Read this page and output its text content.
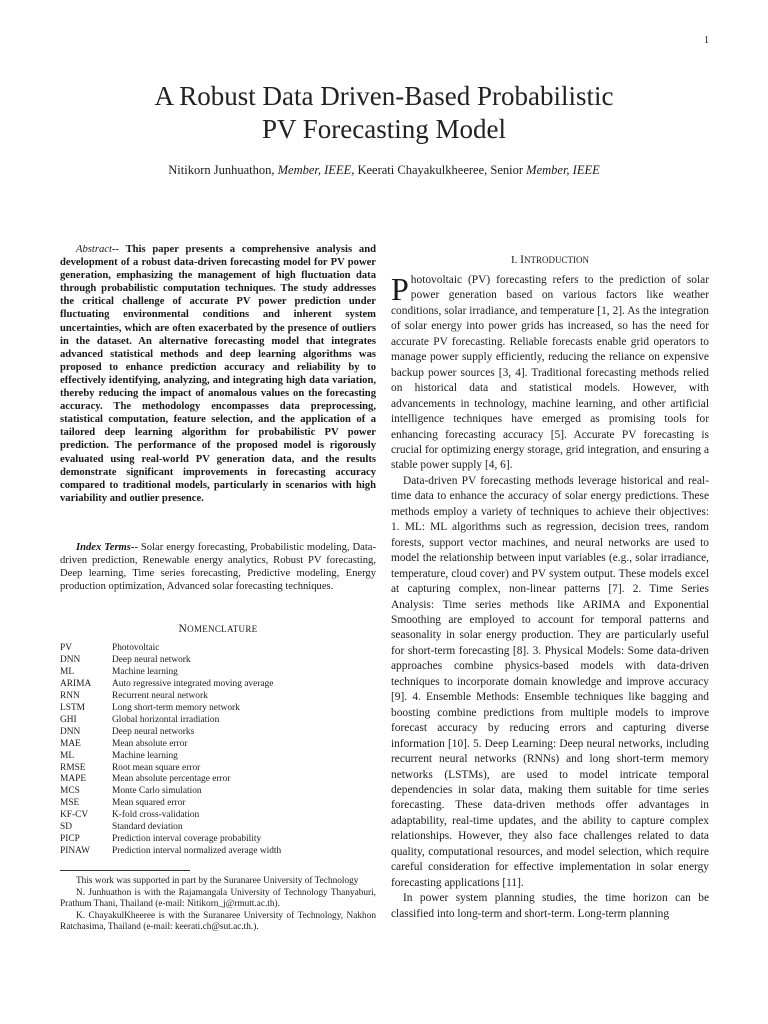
1
A Robust Data Driven-Based Probabilistic
PV Forecasting Model
Nitikorn Junhuathon, Member, IEEE, Keerati Chayakulkheeree, Senior Member, IEEE
Abstract-- This paper presents a comprehensive analysis and development of a robust data-driven forecasting model for PV power generation, emphasizing the management of high fluctuation data through probabilistic computation techniques. The study addresses the critical challenge of accurate PV power prediction under fluctuating environmental conditions and inherent system uncertainties, which are often exacerbated by the presence of outliers in the dataset. An alternative forecasting model that integrates advanced statistical methods and deep learning algorithms was proposed to enhance prediction accuracy and reliability by to effectively identifying, analyzing, and integrating high data variation, thereby reducing the impact of anomalous values on the forecasting accuracy. The methodology encompasses data preprocessing, statistical computation, feature selection, and the application of a tailored deep learning algorithm for probabilistic PV power prediction. The performance of the proposed model is rigorously evaluated using real-world PV generation data, and the results demonstrate significant improvements in forecasting accuracy compared to traditional models, particularly in scenarios with high variability and outlier presence.
Index Terms-- Solar energy forecasting, Probabilistic modeling, Data-driven prediction, Renewable energy analytics, Robust PV forecasting, Deep learning, Time series forecasting, Predictive modeling, Energy production optimization, Advanced solar forecasting techniques.
NOMENCLATURE
PV	Photovoltaic
DNN	Deep neural network
ML	Machine learning
ARIMA	Auto regressive integrated moving average
RNN	Recurrent neural network
LSTM	Long short-term memory network
GHI	Global horizontal irradiation
DNN	Deep neural networks
MAE	Mean absolute error
ML	Machine learning
RMSE	Root mean square error
MAPE	Mean absolute percentage error
MCS	Monte Carlo simulation
MSE	Mean squared error
KF-CV	K-fold cross-validation
SD	Standard deviation
PICP	Prediction interval coverage probability
PINAW	Prediction interval normalized average width

This work was supported in part by the Suranaree University of Technology

N. Junhuathon is with the Rajamangala University of Technology Thanyaburi, Prathum Thani, Thailand (e-mail: Nitikorn_j@rmutt.ac.th).

K. ChayakulKheeree is with the Suranaree University of Technology, Nakhon Ratchasima, Thailand (e-mail: keerati.ch@sut.ac.th.).

I. INTRODUCTION

Photovoltaic (PV) forecasting refers to the prediction of solar power generation based on various factors like weather conditions, solar irradiance, and temperature [1, 2]. As the integration of solar energy into power grids has increased, so has the need for accurate PV forecasting. Reliable forecasts enable grid operators to manage power supply efficiently, reducing the reliance on expensive backup power sources [3, 4]. Traditional forecasting methods relied on historical data and statistical models. However, with advancements in technology, machine learning, and other artificial intelligence techniques have emerged as promising tools for enhancing forecasting accuracy [5]. Accurate PV forecasting is crucial for optimizing energy storage, grid integration, and ensuring a stable power supply [4, 6].

Data-driven PV forecasting methods leverage historical and real-time data to enhance the accuracy of solar energy predictions. These methods employ a variety of techniques to achieve their objectives: 1. ML: ML algorithms such as regression, decision trees, random forests, support vector machines, and neural networks are used to model the relationship between input variables (e.g., solar irradiance, temperature, cloud cover) and PV system output. These models excel at capturing complex, non-linear patterns [7]. 2. Time Series Analysis: Time series methods like ARIMA and Exponential Smoothing are employed to account for temporal patterns and seasonality in solar energy production. They are particularly useful for short-term forecasting [8]. 3. Physical Models: Some data-driven approaches combine physics-based models with data-driven techniques to incorporate domain knowledge and improve accuracy [9]. 4. Ensemble Methods: Ensemble techniques like bagging and boosting combine predictions from multiple models to improve forecast accuracy by reducing errors and capturing diverse information [10]. 5. Deep Learning: Deep neural networks, including recurrent neural networks (RNNs) and long short-term memory networks (LSTMs), are used to model intricate temporal dependencies in solar data, making them suitable for time series forecasting. These data-driven methods offer advantages in adaptability, real-time updates, and the ability to capture complex relationships. However, they also face challenges related to data quality, computational resources, and model selection, which require careful consideration for effective implementation in solar energy forecasting applications [11].

In power system planning studies, the time horizon can be classified into long-term and short-term. Long-term planning
